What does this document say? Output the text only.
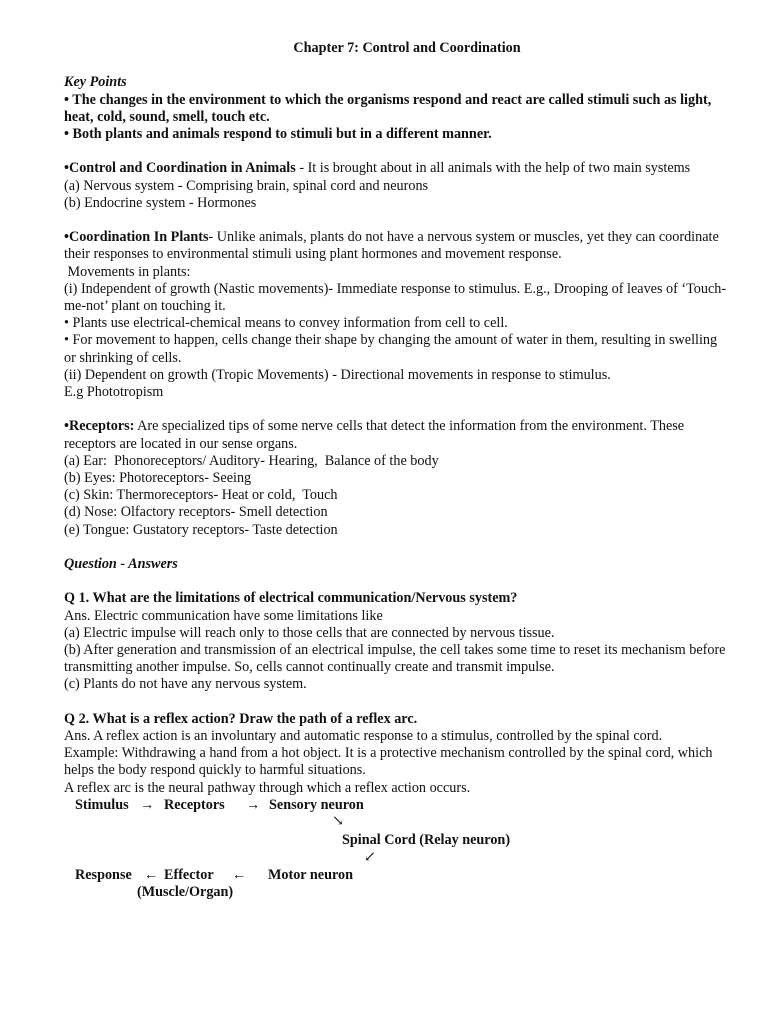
Chapter 7: Control and Coordination
Key Points
• The changes in the environment to which the organisms respond and react are called stimuli such as light, heat, cold, sound, smell, touch etc.
• Both plants and animals respond to stimuli but in a different manner.
•Control and Coordination in Animals - It is brought about in all animals with the help of two main systems
(a) Nervous system - Comprising brain, spinal cord and neurons
(b) Endocrine system - Hormones
•Coordination In Plants- Unlike animals, plants do not have a nervous system or muscles, yet they can coordinate their responses to environmental stimuli using plant hormones and movement response.
Movements in plants:
(i) Independent of growth (Nastic movements)- Immediate response to stimulus. E.g., Drooping of leaves of ‘Touch-me-not’ plant on touching it.
• Plants use electrical-chemical means to convey information from cell to cell.
• For movement to happen, cells change their shape by changing the amount of water in them, resulting in swelling or shrinking of cells.
(ii) Dependent on growth (Tropic Movements) - Directional movements in response to stimulus.
E.g Phototropism
•Receptors: Are specialized tips of some nerve cells that detect the information from the environment. These receptors are located in our sense organs.
(a) Ear:  Phonoreceptors/ Auditory- Hearing,  Balance of the body
(b) Eyes: Photoreceptors- Seeing
(c) Skin: Thermoreceptors- Heat or cold,  Touch
(d) Nose: Olfactory receptors- Smell detection
(e) Tongue: Gustatory receptors- Taste detection
Question - Answers
Q 1. What are the limitations of electrical communication/Nervous system?
Ans. Electric communication have some limitations like
(a) Electric impulse will reach only to those cells that are connected by nervous tissue.
(b) After generation and transmission of an electrical impulse, the cell takes some time to reset its mechanism before transmitting another impulse. So, cells cannot continually create and transmit impulse.
(c) Plants do not have any nervous system.
Q 2. What is a reflex action? Draw the path of a reflex arc.
Ans. A reflex action is an involuntary and automatic response to a stimulus, controlled by the spinal cord.
Example: Withdrawing a hand from a hot object. It is a protective mechanism controlled by the spinal cord, which helps the body respond quickly to harmful situations.
A reflex arc is the neural pathway through which a reflex action occurs.
Stimulus → Receptors → Sensory neuron
↘
Spinal Cord (Relay neuron)
↙
Response ← Effector ← Motor neuron
(Muscle/Organ)
